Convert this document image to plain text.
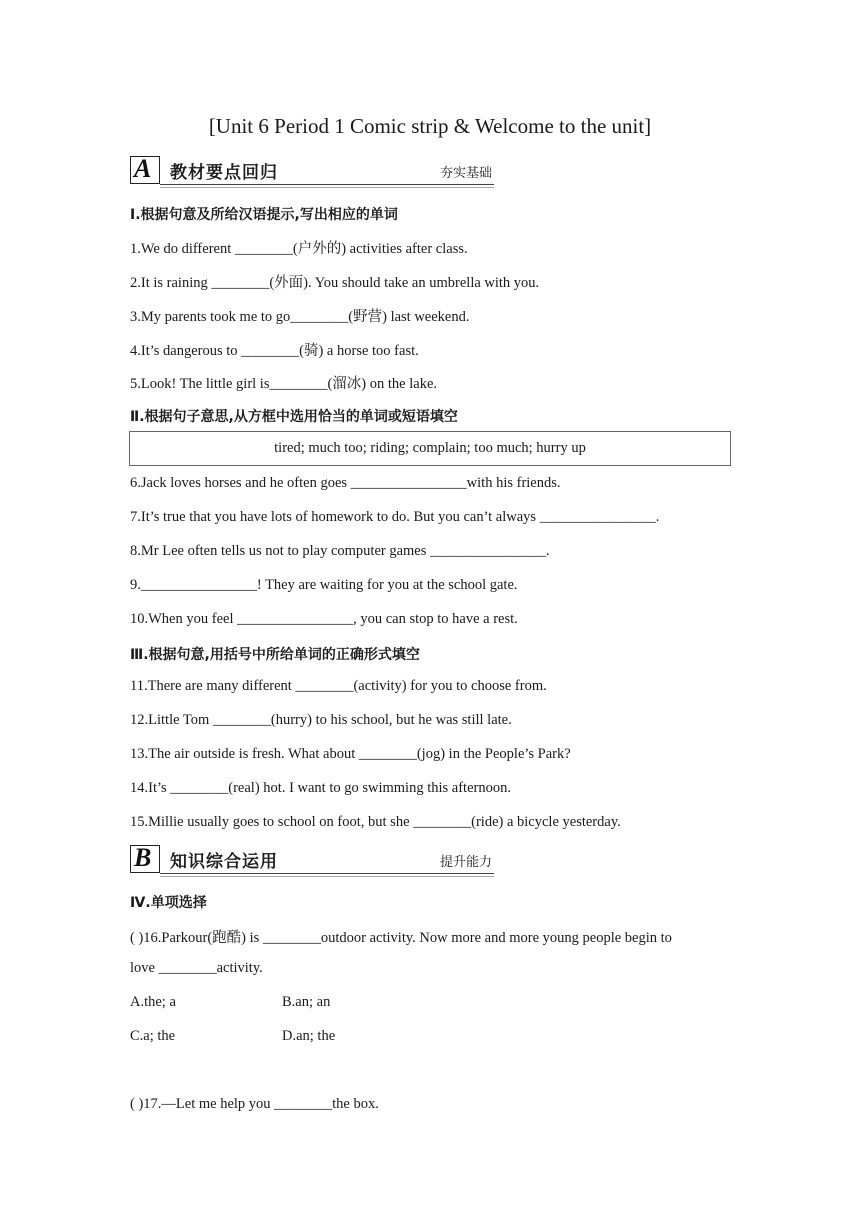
[Unit 6 Period 1 Comic strip & Welcome to the unit]
A 教材要点回归	夯实基础
Ⅰ.根据句意及所给汉语提示,写出相应的单词
1.We do different ________(户外的) activities after class.
2.It is raining ________(外面). You should take an umbrella with you.
3.My parents took me to go________(野营) last weekend.
4.It’s dangerous to ________(骑) a horse too fast.
5.Look! The little girl is________(溜冰) on the lake.
Ⅱ.根据句子意思,从方框中选用恰当的单词或短语填空
tired; much too; riding; complain; too much; hurry up
6.Jack loves horses and he often goes ________________with his friends.
7.It’s true that you have lots of homework to do. But you can’t always ________________.
8.Mr Lee often tells us not to play computer games ________________.
9.________________! They are waiting for you at the school gate.
10.When you feel ________________, you can stop to have a rest.
Ⅲ.根据句意,用括号中所给单词的正确形式填空
11.There are many different ________(activity) for you to choose from.
12.Little Tom ________(hurry) to his school, but he was still late.
13.The air outside is fresh. What about ________(jog) in the People’s Park?
14.It’s ________(real) hot. I want to go swimming this afternoon.
15.Millie usually goes to school on foot, but she ________(ride) a bicycle yesterday.
B 知识综合运用	提升能力
Ⅳ.单项选择
( )16.Parkour(跑酷) is ________outdoor activity. Now more and more young people begin to
love ________activity.
A.the; a	B.an; an
C.a; the	D.an; the
( )17.—Let me help you ________the box.
